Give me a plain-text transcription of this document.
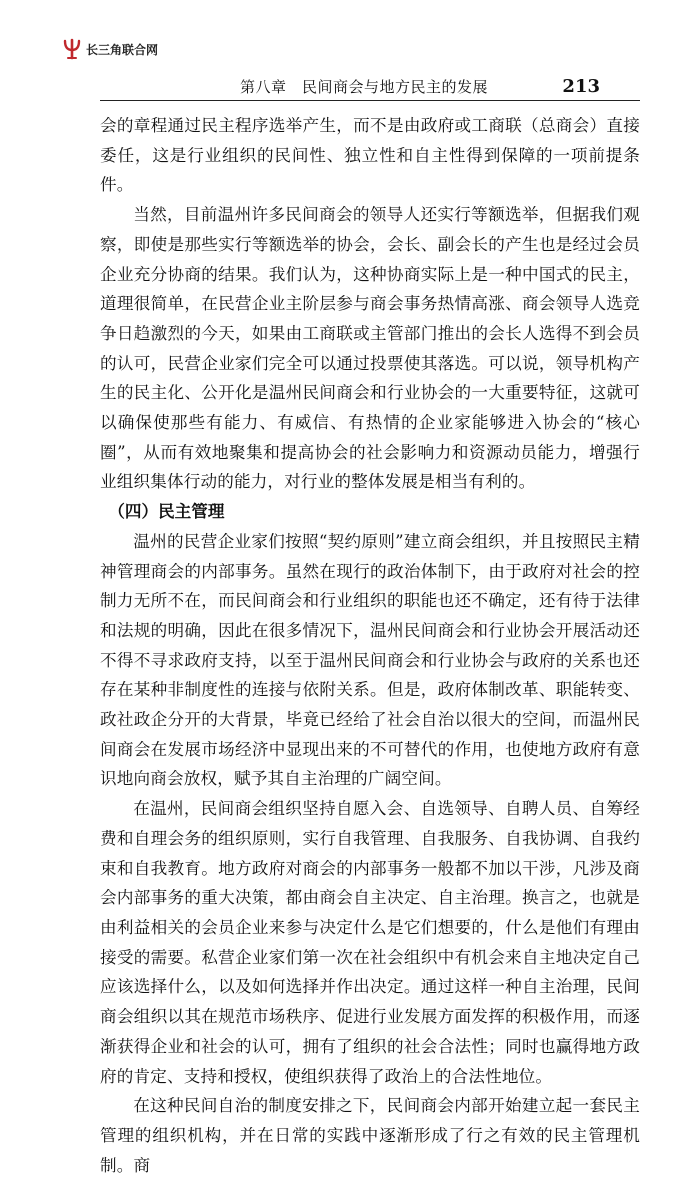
长三角联合网
第八章　民间商会与地方民主的发展	213

会的章程通过民主程序选举产生，而不是由政府或工商联（总商会）直接委任，这是行业组织的民间性、独立性和自主性得到保障的一项前提条件。

当然，目前温州许多民间商会的领导人还实行等额选举，但据我们观察，即使是那些实行等额选举的协会，会长、副会长的产生也是经过会员企业充分协商的结果。我们认为，这种协商实际上是一种中国式的民主，道理很简单，在民营企业主阶层参与商会事务热情高涨、商会领导人选竞争日趋激烈的今天，如果由工商联或主管部门推出的会长人选得不到会员的认可，民营企业家们完全可以通过投票使其落选。可以说，领导机构产生的民主化、公开化是温州民间商会和行业协会的一大重要特征，这就可以确保使那些有能力、有威信、有热情的企业家能够进入协会的“核心圈”，从而有效地聚集和提高协会的社会影响力和资源动员能力，增强行业组织集体行动的能力，对行业的整体发展是相当有利的。

（四）民主管理

温州的民营企业家们按照“契约原则”建立商会组织，并且按照民主精神管理商会的内部事务。虽然在现行的政治体制下，由于政府对社会的控制力无所不在，而民间商会和行业组织的职能也还不确定，还有待于法律和法规的明确，因此在很多情况下，温州民间商会和行业协会开展活动还不得不寻求政府支持，以至于温州民间商会和行业协会与政府的关系也还存在某种非制度性的连接与依附关系。但是，政府体制改革、职能转变、政社政企分开的大背景，毕竟已经给了社会自治以很大的空间，而温州民间商会在发展市场经济中显现出来的不可替代的作用，也使地方政府有意识地向商会放权，赋予其自主治理的广阔空间。

在温州，民间商会组织坚持自愿入会、自选领导、自聘人员、自筹经费和自理会务的组织原则，实行自我管理、自我服务、自我协调、自我约束和自我教育。地方政府对商会的内部事务一般都不加以干涉，凡涉及商会内部事务的重大决策，都由商会自主决定、自主治理。换言之，也就是由利益相关的会员企业来参与决定什么是它们想要的，什么是他们有理由接受的需要。私营企业家们第一次在社会组织中有机会来自主地决定自己应该选择什么，以及如何选择并作出决定。通过这样一种自主治理，民间商会组织以其在规范市场秩序、促进行业发展方面发挥的积极作用，而逐渐获得企业和社会的认可，拥有了组织的社会合法性；同时也赢得地方政府的肯定、支持和授权，使组织获得了政治上的合法性地位。

在这种民间自治的制度安排之下，民间商会内部开始建立起一套民主管理的组织机构，并在日常的实践中逐渐形成了行之有效的民主管理机制。商
